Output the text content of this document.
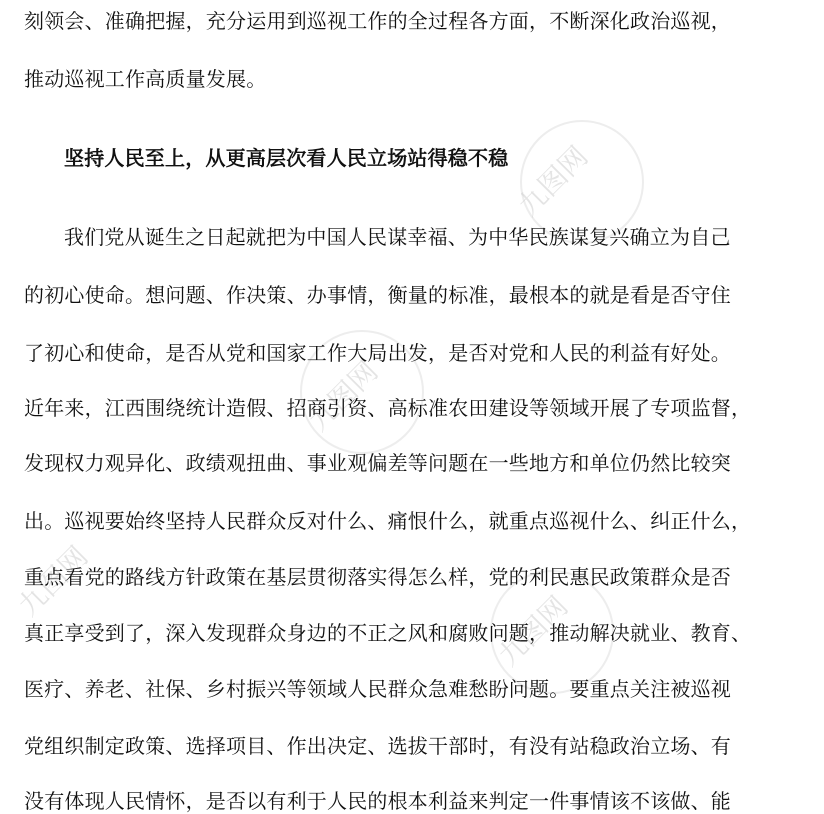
九图网
九图网
九图网
九图网
刻领会、准确把握，充分运用到巡视工作的全过程各方面，不断深化政治巡视，
推动巡视工作高质量发展。
坚持人民至上，从更高层次看人民立场站得稳不稳
我们党从诞生之日起就把为中国人民谋幸福、为中华民族谋复兴确立为自己
的初心使命。想问题、作决策、办事情，衡量的标准，最根本的就是看是否守住
了初心和使命，是否从党和国家工作大局出发，是否对党和人民的利益有好处。
近年来，江西围绕统计造假、招商引资、高标准农田建设等领域开展了专项监督，
发现权力观异化、政绩观扭曲、事业观偏差等问题在一些地方和单位仍然比较突
出。巡视要始终坚持人民群众反对什么、痛恨什么，就重点巡视什么、纠正什么，
重点看党的路线方针政策在基层贯彻落实得怎么样，党的利民惠民政策群众是否
真正享受到了，深入发现群众身边的不正之风和腐败问题，推动解决就业、教育、
医疗、养老、社保、乡村振兴等领域人民群众急难愁盼问题。要重点关注被巡视
党组织制定政策、选择项目、作出决定、选拔干部时，有没有站稳政治立场、有
没有体现人民情怀，是否以有利于人民的根本利益来判定一件事情该不该做、能
